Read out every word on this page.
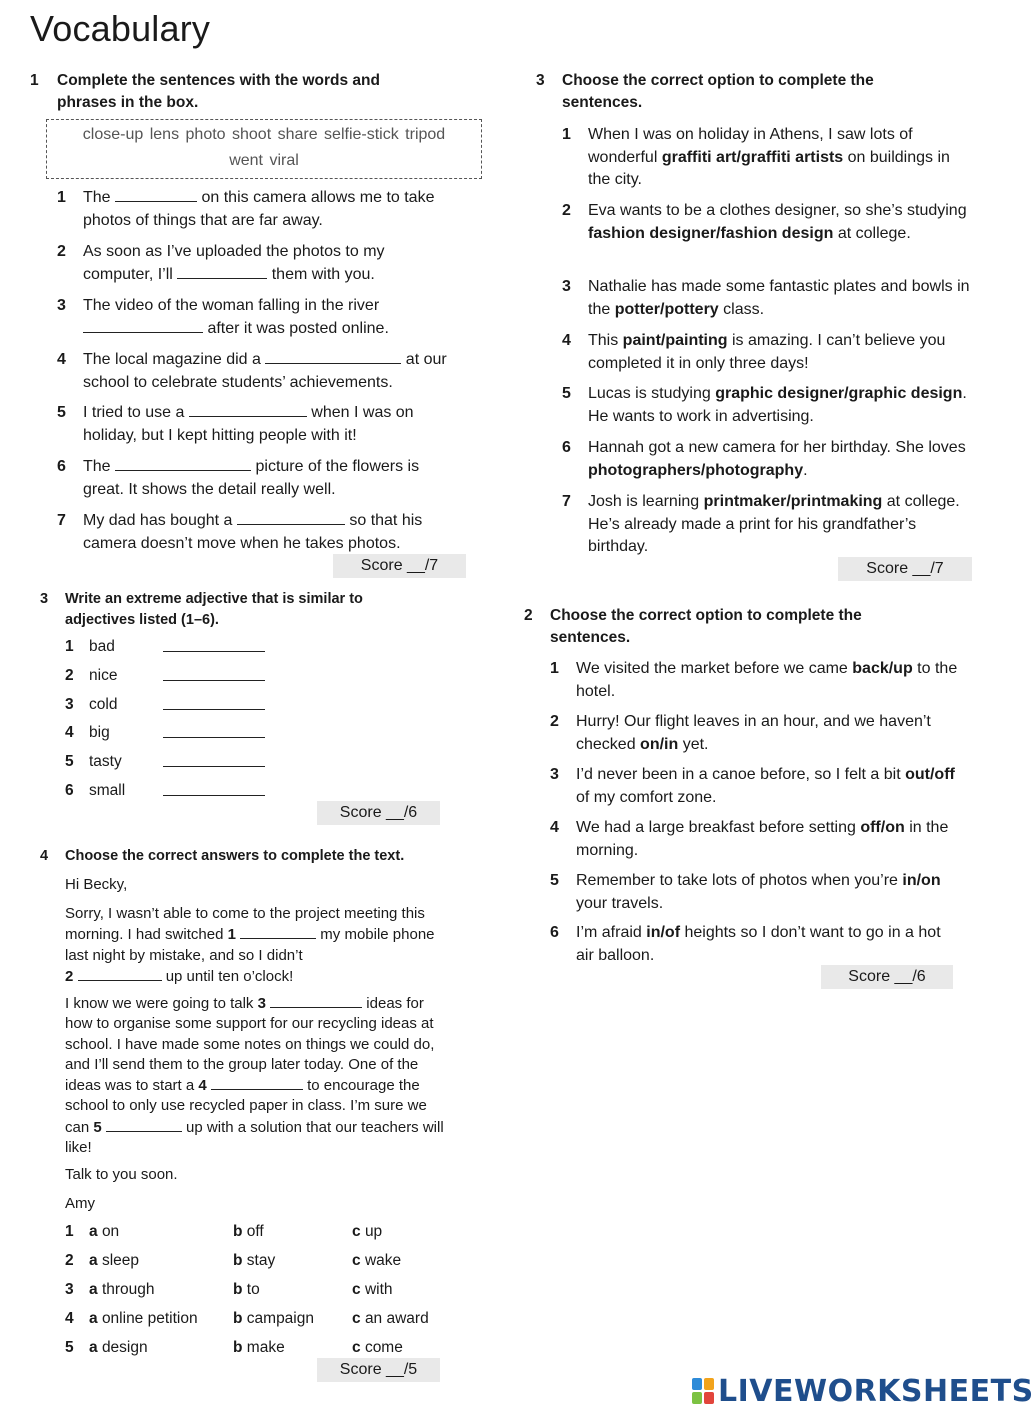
Vocabulary
1	Complete the sentences with the words and phrases in the box.
close-up lens photo shoot share selfie-stick tripod went viral
1	The	on this camera allows me to take photos of things that are far away.
2	As soon as I’ve uploaded the photos to my computer, I’ll	them with you.
3	The video of the woman falling in the river  after it was posted online.
4	The local magazine did a	at our school to celebrate students’ achievements.
5	I tried to use a	when I was on holiday, but I kept hitting people with it!
6	The	picture of the flowers is great. It shows the detail really well.
7	My dad has bought a	so that his camera doesn’t move when he takes photos.
Score __/7
3	Write an extreme adjective that is similar to adjectives listed (1–6).
1 bad
2 nice
3 cold
4 big
5 tasty
6 small
Score __/6
4	Choose the correct answers to complete the text.
Hi Becky,
Sorry, I wasn’t able to come to the project meeting this morning. I had switched 1	my mobile phone last night by mistake, and so I didn’t
2	up until ten o’clock!
I know we were going to talk 3	ideas for how to organise some support for our recycling ideas at school. I have made some notes on things we could do, and I’ll send them to the group later today. One of the ideas was to start a 4	to encourage the school to only use recycled paper in class. I’m sure we can 5	up with a solution that our teachers will like!
Talk to you soon.
Amy
1 a on	b off	c up
2 a sleep	b stay	c wake
3 a through	b to	c with
4 a online petition b campaign c an award
5 a design	b make	c come
Score __/5
3	Choose the correct option to complete the sentences.
1	When I was on holiday in Athens, I saw lots of wonderful graffiti art/graffiti artists on buildings in the city.
2	Eva wants to be a clothes designer, so she’s studying fashion designer/fashion design at college.
3	Nathalie has made some fantastic plates and bowls in the potter/pottery class.
4	This paint/painting is amazing. I can’t believe you completed it in only three days!
5	Lucas is studying graphic designer/graphic design. He wants to work in advertising.
6	Hannah got a new camera for her birthday. She loves photographers/photography.
7	Josh is learning printmaker/printmaking at college. He’s already made a print for his grandfather’s birthday.
Score __/7
2	Choose the correct option to complete the sentences.
1	We visited the market before we came back/up to the hotel.
2	Hurry! Our flight leaves in an hour, and we haven’t checked on/in yet.
3	I’d never been in a canoe before, so I felt a bit out/off of my comfort zone.
4	We had a large breakfast before setting off/on in the morning.
5	Remember to take lots of photos when you’re in/on your travels.
6	I’m afraid in/of heights so I don’t want to go in a hot air balloon.
Score __/6
LIVEWORKSHEETS
